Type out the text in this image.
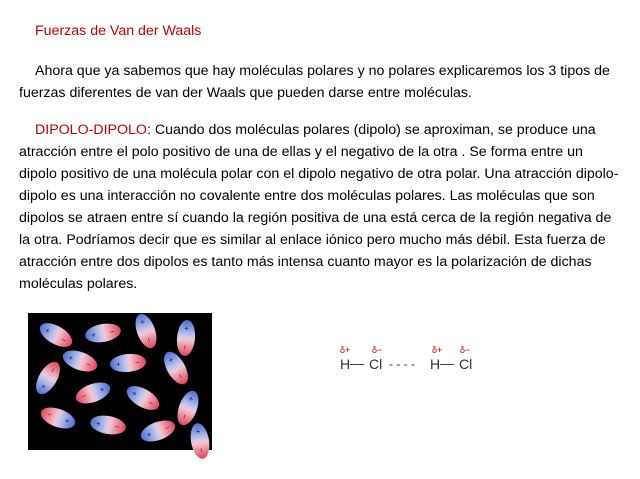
Fuerzas de Van der Waals
Ahora que ya sabemos que hay moléculas polares y no polares explicaremos los 3 tipos de fuerzas diferentes de van der Waals que pueden darse entre moléculas.
DIPOLO-DIPOLO: Cuando dos moléculas polares (dipolo) se aproximan, se produce una atracción entre el polo positivo de una de ellas y el negativo de la otra . Se forma entre un dipolo positivo de una molécula polar con el dipolo negativo de otra polar. Una atracción dipolo-dipolo es una interacción no covalente entre dos moléculas polares. Las moléculas que son dipolos se atraen entre sí cuando la región positiva de una está cerca de la región negativa de la otra. Podríamos decir que es similar al enlace iónico pero mucho más débil. Esta fuerza de atracción entre dos dipolos es tanto más intensa cuanto mayor es la polarización de dichas moléculas polares.
+
−	+ −
+
−
+
−
+
−	+ −	+
−
+
−
+
−	+
−	+
−
+
−
+ −
+
−	+
−
δ+ δ−	δ+ δ−
H — Cl - - - - H — Cl
